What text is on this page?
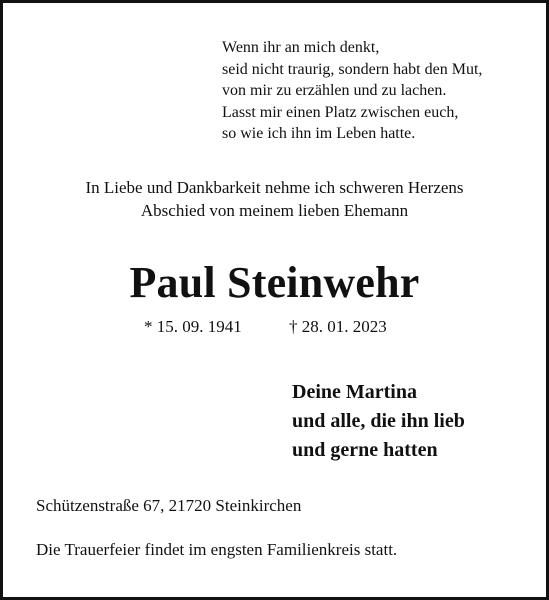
Wenn ihr an mich denkt,
seid nicht traurig, sondern habt den Mut,
von mir zu erzählen und zu lachen.
Lasst mir einen Platz zwischen euch,
so wie ich ihn im Leben hatte.
In Liebe und Dankbarkeit nehme ich schweren Herzens
Abschied von meinem lieben Ehemann
Paul Steinwehr
* 15. 09. 1941	† 28. 01. 2023
Deine Martina
und alle, die ihn lieb
und gerne hatten
Schützenstraße 67, 21720 Steinkirchen
Die Trauerfeier findet im engsten Familienkreis statt.
